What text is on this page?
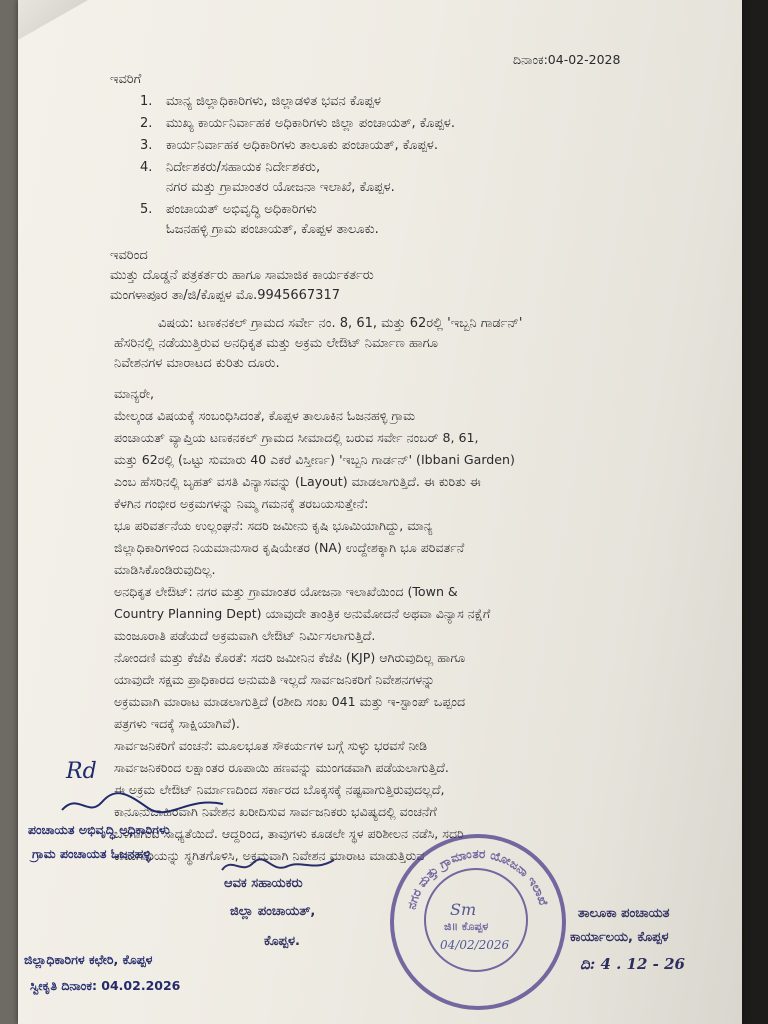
ದಿನಾಂಕ:04-02-2028
ಇವರಿಗೆ
1. ಮಾನ್ಯ ಜಿಲ್ಲಾಧಿಕಾರಿಗಳು, ಜಿಲ್ಲಾಡಳಿತ ಭವನ ಕೊಪ್ಪಳ
2. ಮುಖ್ಯ ಕಾರ್ಯನಿರ್ವಾಹಕ ಅಧಿಕಾರಿಗಳು ಜಿಲ್ಲಾ ಪಂಚಾಯತ್, ಕೊಪ್ಪಳ.
3. ಕಾರ್ಯನಿರ್ವಾಹಕ ಅಧಿಕಾರಿಗಳು ತಾಲೂಕು ಪಂಚಾಯತ್, ಕೊಪ್ಪಳ.
4. ನಿರ್ದೇಶಕರು/ಸಹಾಯಕ ನಿರ್ದೇಶಕರು,
ನಗರ ಮತ್ತು ಗ್ರಾಮಾಂತರ ಯೋಜನಾ ಇಲಾಖೆ, ಕೊಪ್ಪಳ.
5. ಪಂಚಾಯತ್ ಅಭಿವೃದ್ಧಿ ಅಧಿಕಾರಿಗಳು
ಓಜನಹಳ್ಳಿ ಗ್ರಾಮ ಪಂಚಾಯತ್, ಕೊಪ್ಪಳ ತಾಲೂಕು.
ಇವರಿಂದ
ಮುತ್ತು ದೊಡ್ಡನೆ ಪತ್ರಕರ್ತರು ಹಾಗೂ ಸಾಮಾಜಿಕ ಕಾರ್ಯಕರ್ತರು
ಮಂಗಳಾಪೂರ ತಾ/ಜಿ/ಕೊಪ್ಪಳ ಮೊ.9945667317
ವಿಷಯ: ಟಣಕನಕಲ್ ಗ್ರಾಮದ ಸರ್ವೇ ನಂ. 8, 61, ಮತ್ತು 62ರಲ್ಲಿ 'ಇಬ್ಬನಿ ಗಾರ್ಡನ್'
ಹೆಸರಿನಲ್ಲಿ ನಡೆಯುತ್ತಿರುವ ಅನಧಿಕೃತ ಮತ್ತು ಅಕ್ರಮ ಲೇಔಟ್ ನಿರ್ಮಾಣ ಹಾಗೂ
ನಿವೇಶನಗಳ ಮಾರಾಟದ ಕುರಿತು ದೂರು.
ಮಾನ್ಯರೇ,
ಮೇಲ್ಕಂಡ ವಿಷಯಕ್ಕೆ ಸಂಬಂಧಿಸಿದಂತೆ, ಕೊಪ್ಪಳ ತಾಲೂಕಿನ ಓಜನಹಳ್ಳಿ ಗ್ರಾಮ
ಪಂಚಾಯತ್ ವ್ಯಾಪ್ತಿಯ ಟಣಕನಕಲ್ ಗ್ರಾಮದ ಸೀಮಾದಲ್ಲಿ ಬರುವ ಸರ್ವೇ ನಂಬರ್ 8, 61,
ಮತ್ತು 62ರಲ್ಲಿ (ಒಟ್ಟು ಸುಮಾರು 40 ಎಕರೆ ವಿಸ್ತೀರ್ಣ) 'ಇಬ್ಬನಿ ಗಾರ್ಡನ್' (Ibbani Garden)
ಎಂಬ ಹೆಸರಿನಲ್ಲಿ ಬೃಹತ್ ವಸತಿ ವಿನ್ಯಾಸವನ್ನು (Layout) ಮಾಡಲಾಗುತ್ತಿದೆ. ಈ ಕುರಿತು ಈ
ಕೆಳಗಿನ ಗಂಭೀರ ಅಕ್ರಮಗಳನ್ನು ನಿಮ್ಮ ಗಮನಕ್ಕೆ ತರಬಯಸುತ್ತೇನೆ:
ಭೂ ಪರಿವರ್ತನೆಯ ಉಲ್ಲಂಘನೆ: ಸದರಿ ಜಮೀನು ಕೃಷಿ ಭೂಮಿಯಾಗಿದ್ದು, ಮಾನ್ಯ
ಜಿಲ್ಲಾಧಿಕಾರಿಗಳಿಂದ ನಿಯಮಾನುಸಾರ ಕೃಷಿಯೇತರ (NA) ಉದ್ದೇಶಕ್ಕಾಗಿ ಭೂ ಪರಿವರ್ತನೆ
ಮಾಡಿಸಿಕೊಂಡಿರುವುದಿಲ್ಲ.
ಅನಧಿಕೃತ ಲೇಔಟ್: ನಗರ ಮತ್ತು ಗ್ರಾಮಾಂತರ ಯೋಜನಾ ಇಲಾಖೆಯಿಂದ (Town &
Country Planning Dept) ಯಾವುದೇ ತಾಂತ್ರಿಕ ಅನುಮೋದನೆ ಅಥವಾ ವಿನ್ಯಾಸ ನಕ್ಷೆಗೆ
ಮಂಜೂರಾತಿ ಪಡೆಯದೆ ಅಕ್ರಮವಾಗಿ ಲೇಔಟ್ ನಿರ್ಮಿಸಲಾಗುತ್ತಿದೆ.
ನೋಂದಣಿ ಮತ್ತು ಕೆಜೆಪಿ ಕೊರತೆ: ಸದರಿ ಜಮೀನಿನ ಕೆಜೆಪಿ (KJP) ಆಗಿರುವುದಿಲ್ಲ ಹಾಗೂ
ಯಾವುದೇ ಸಕ್ಷಮ ಪ್ರಾಧಿಕಾರದ ಅನುಮತಿ ಇಲ್ಲದೆ ಸಾರ್ವಜನಿಕರಿಗೆ ನಿವೇಶನಗಳನ್ನು
ಅಕ್ರಮವಾಗಿ ಮಾರಾಟ ಮಾಡಲಾಗುತ್ತಿದೆ (ರಶೀದಿ ಸಂಖ 041 ಮತ್ತು ಇ-ಸ್ಟಾಂಪ್ ಒಪ್ಪಂದ
ಪತ್ರಗಳು ಇದಕ್ಕೆ ಸಾಕ್ಷಿಯಾಗಿವೆ).
ಸಾರ್ವಜನಿಕರಿಗೆ ವಂಚನೆ: ಮೂಲಭೂತ ಸೌಕರ್ಯಗಳ ಬಗ್ಗೆ ಸುಳ್ಳು ಭರವಸೆ ನೀಡಿ
ಸಾರ್ವಜನಿಕರಿಂದ ಲಕ್ಷಾಂತರ ರೂಪಾಯಿ ಹಣವನ್ನು ಮುಂಗಡವಾಗಿ ಪಡೆಯಲಾಗುತ್ತಿದೆ.
ಈ ಅಕ್ರಮ ಲೇಔಟ್ ನಿರ್ಮಾಣದಿಂದ ಸರ್ಕಾರದ ಬೊಕ್ಕಸಕ್ಕೆ ನಷ್ಟವಾಗುತ್ತಿರುವುದಲ್ಲದೆ,
ಕಾನೂನುಬಾಹಿರವಾಗಿ ನಿವೇಶನ ಖರೀದಿಸುವ ಸಾರ್ವಜನಿಕರು ಭವಿಷ್ಯದಲ್ಲಿ ವಂಚನೆಗೆ
ಒಳಗಾಗುವ ಸಾಧ್ಯತೆಯಿದೆ. ಆದ್ದರಿಂದ, ತಾವುಗಳು ಕೂಡಲೇ ಸ್ಥಳ ಪರಿಶೀಲನ ನಡೆಸಿ, ಸದರಿ
ಕಾಮಗಾರಿಯನ್ನು ಸ್ಥಗಿತಗೊಳಿಸಿ, ಅಕ್ರಮವಾಗಿ ನಿವೇಶನ ಮಾರಾಟ ಮಾಡುತ್ತಿರುವ
Rd
ಪಂಚಾಯತ ಅಭಿವೃದ್ಧಿ ಅಧಿಕಾರಿಗಳು
ಗ್ರಾಮ ಪಂಚಾಯತ ಓಜನಹಳ್ಳಿ
ಆವಕ ಸಹಾಯಕರು
ಜಿಲ್ಲಾ ಪಂಚಾಯತ್,
ಕೊಪ್ಪಳ.
ಜಿಲ್ಲಾಧಿಕಾರಿಗಳ ಕಛೇರಿ, ಕೊಪ್ಪಳ
ಸ್ವೀಕೃತಿ ದಿನಾಂಕ: 04.02.2026
ನಗರ ಮತ್ತು ಗ್ರಾಮಾಂತರ ಯೋಜನಾ ಇಲಾಖೆ
Sm
ಜಿ॥ ಕೊಪ್ಪಳ
04/02/2026
ತಾಲೂಕಾ ಪಂಚಾಯತ
ಕಾರ್ಯಾಲಯ, ಕೊಪ್ಪಳ
ದಿ: 4 . 12 - 26
